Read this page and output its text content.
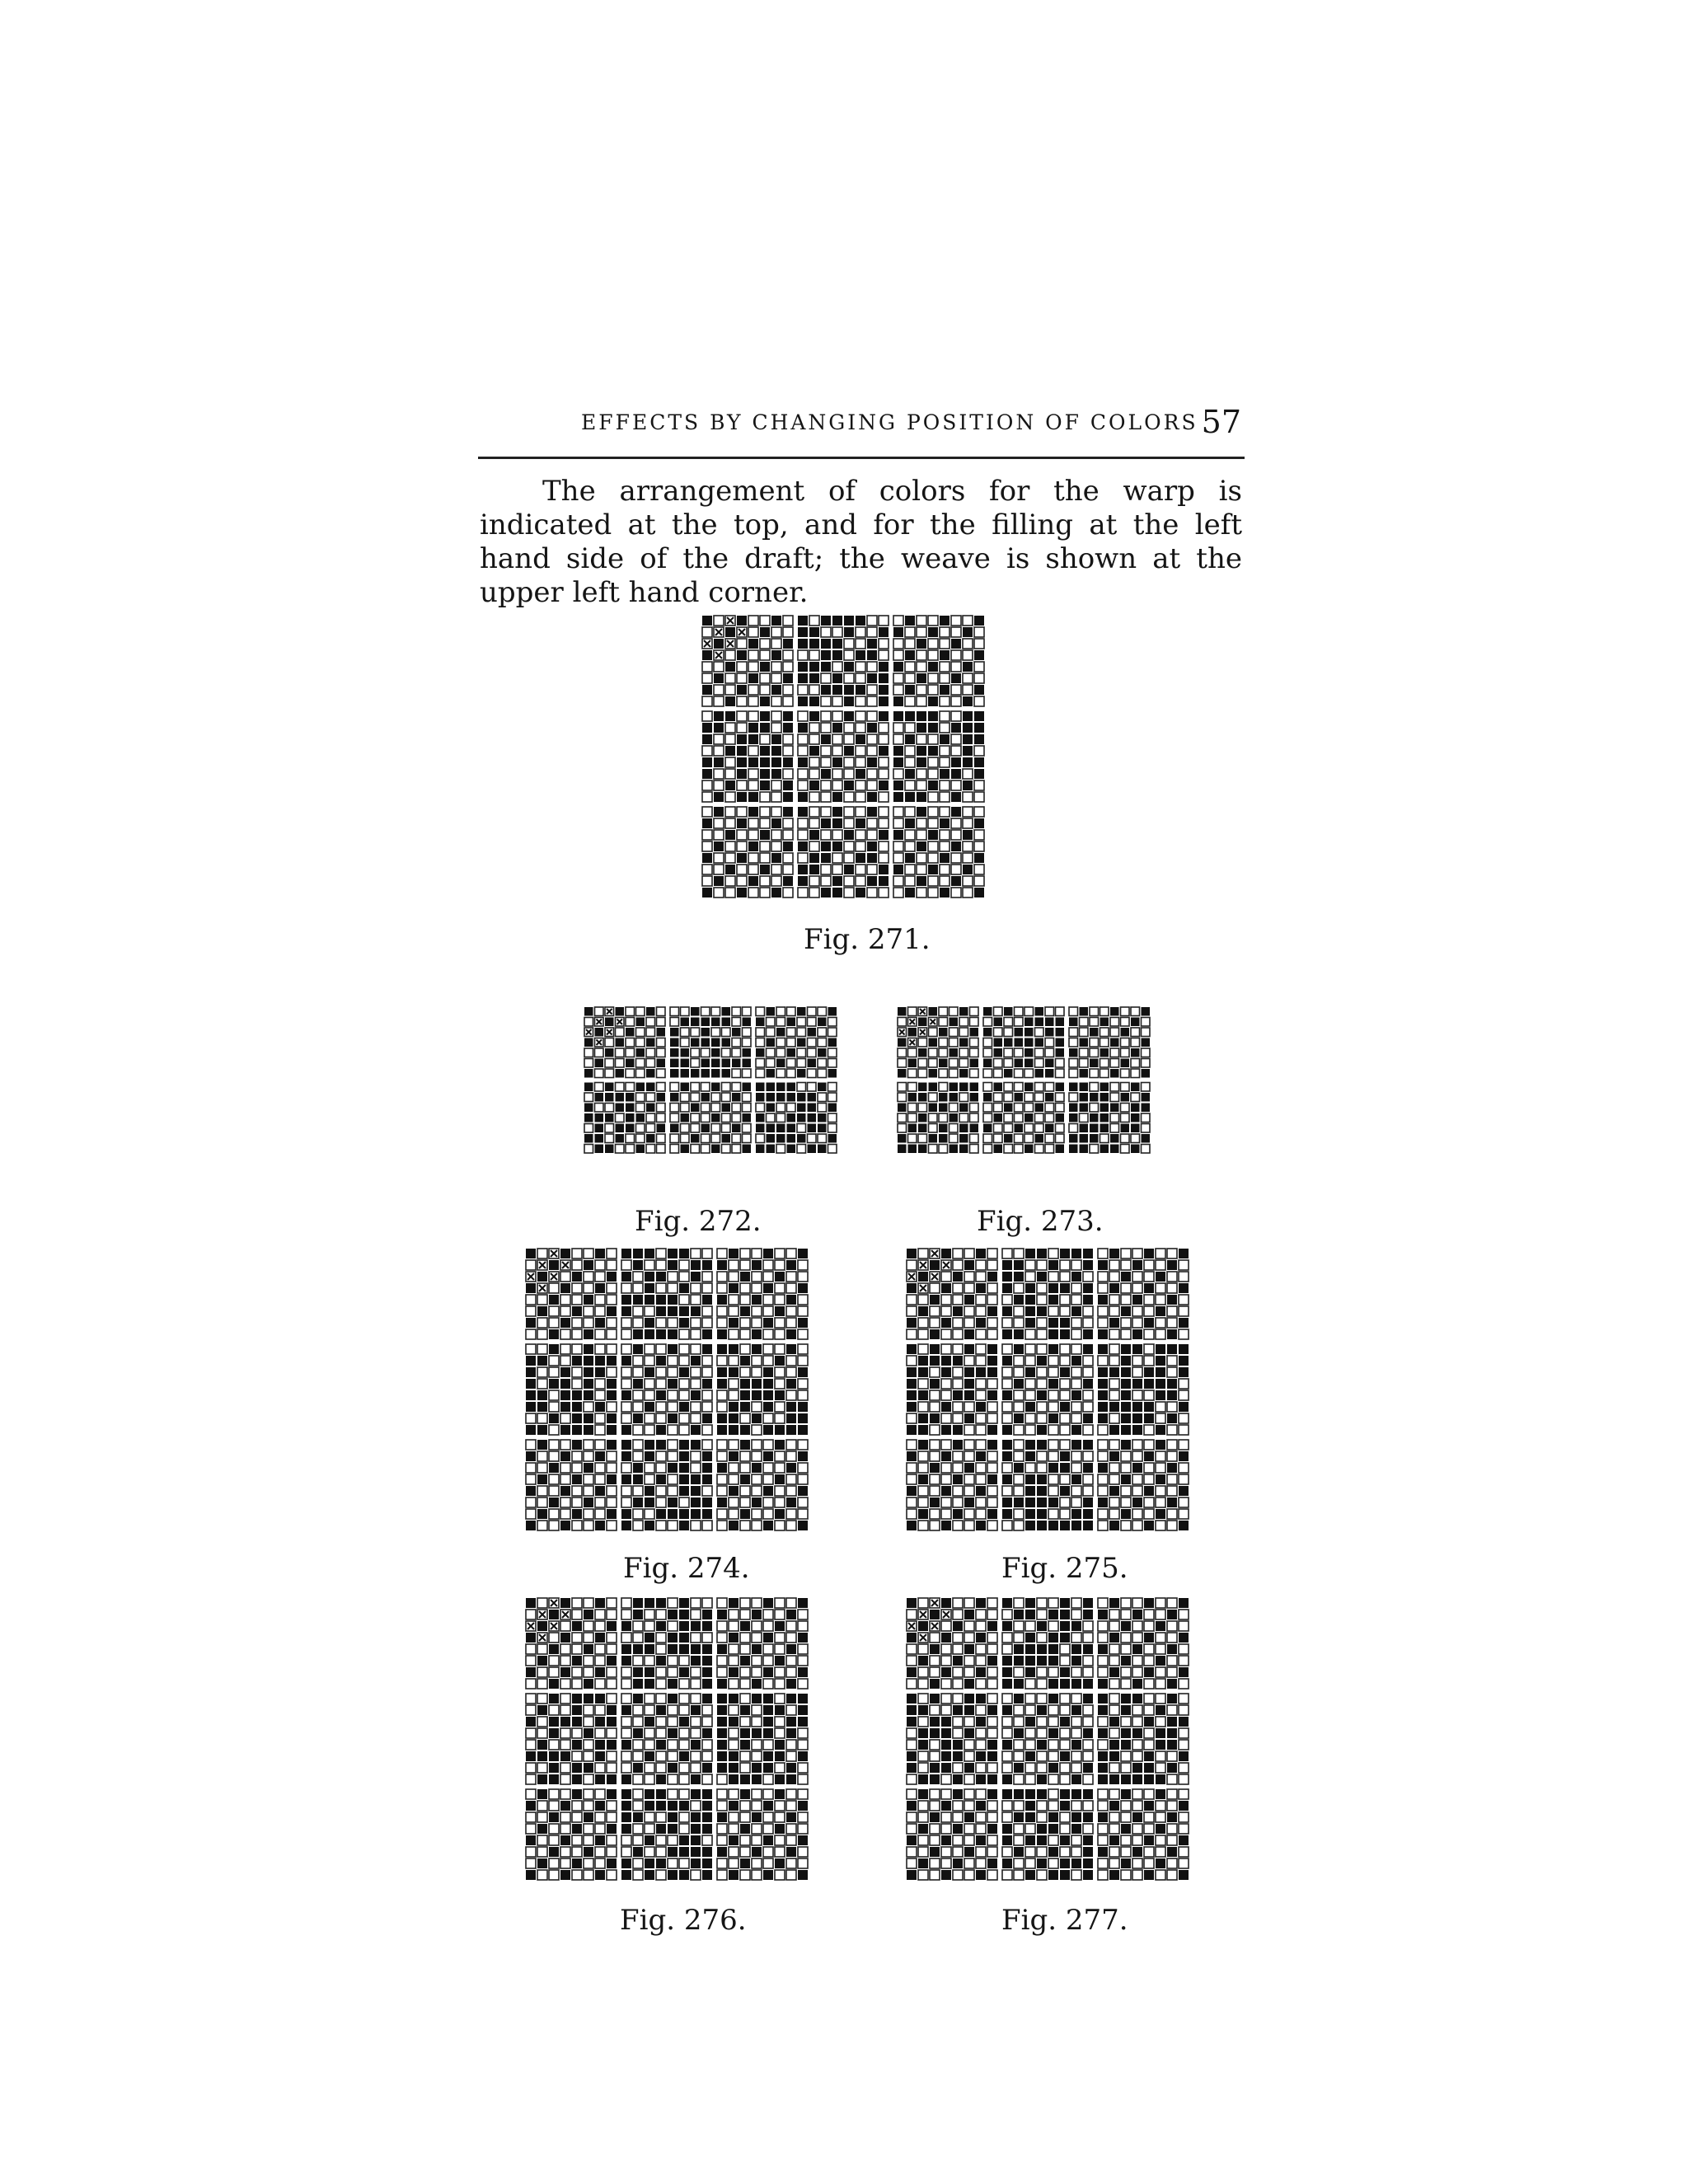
EFFECTS BY CHANGING POSITION OF COLORS 57

The arrangement of colors for the warp is indicated at the top, and for the filling at the left hand side of the draft; the weave is shown at the upper left hand corner.

Fig. 271.
Fig. 272.	Fig. 273.
Fig. 274.	Fig. 275.
Fig. 276.	Fig. 277.
